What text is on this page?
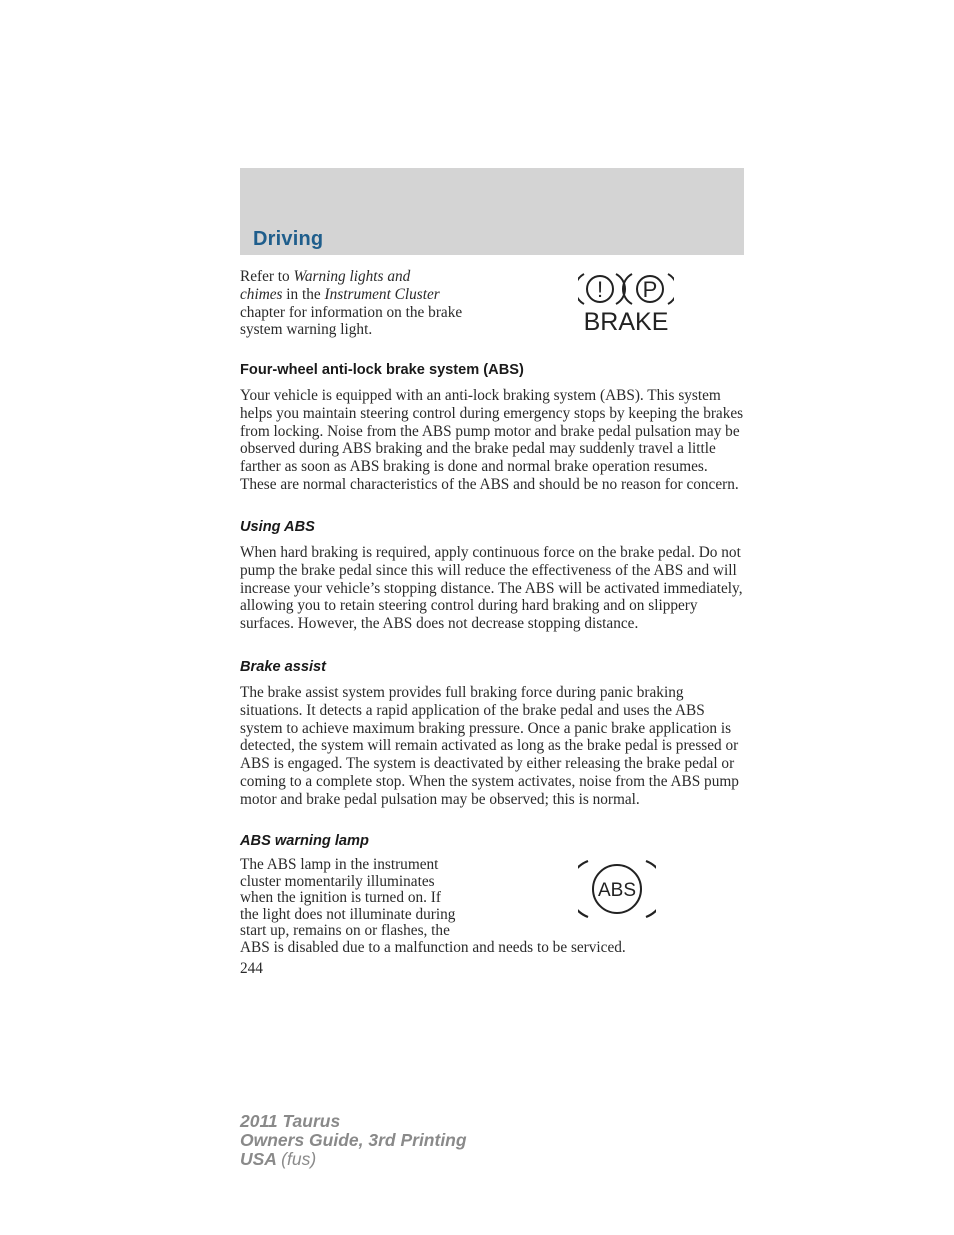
Driving
Refer to Warning lights and
chimes in the Instrument Cluster
chapter for information on the brake
system warning light.
! P
BRAKE
Four-wheel anti-lock brake system (ABS)

Your vehicle is equipped with an anti-lock braking system (ABS). This system helps you maintain steering control during emergency stops by keeping the brakes from locking. Noise from the ABS pump motor and brake pedal pulsation may be observed during ABS braking and the brake pedal may suddenly travel a little farther as soon as ABS braking is done and normal brake operation resumes. These are normal characteristics of the ABS and should be no reason for concern.

Using ABS

When hard braking is required, apply continuous force on the brake pedal. Do not pump the brake pedal since this will reduce the effectiveness of the ABS and will increase your vehicle’s stopping distance. The ABS will be activated immediately, allowing you to retain steering control during hard braking and on slippery surfaces. However, the ABS does not decrease stopping distance.

Brake assist

The brake assist system provides full braking force during panic braking situations. It detects a rapid application of the brake pedal and uses the ABS system to achieve maximum braking pressure. Once a panic brake application is detected, the system will remain activated as long as the brake pedal is pressed or ABS is engaged. The system is deactivated by either releasing the brake pedal or coming to a complete stop. When the system activates, noise from the ABS pump motor and brake pedal pulsation may be observed; this is normal.

ABS warning lamp
The ABS lamp in the instrument
cluster momentarily illuminates
when the ignition is turned on. If
the light does not illuminate during
start up, remains on or flashes, the
ABS is disabled due to a malfunction and needs to be serviced.
ABS
244
2011 Taurus
Owners Guide, 3rd Printing
USA (fus)
